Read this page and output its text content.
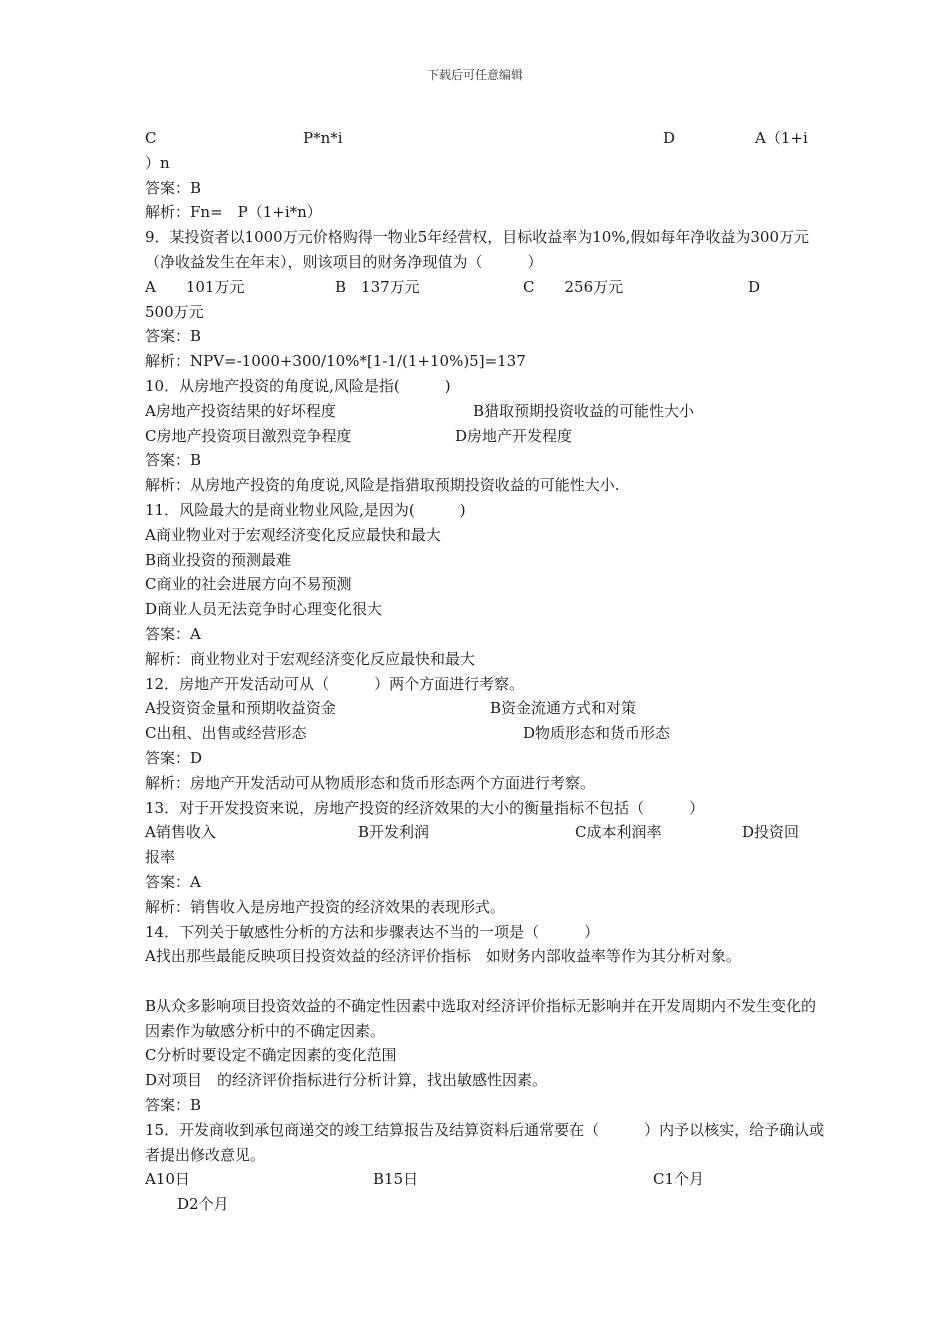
下载后可任意编辑
C	P*n*i	D	A（1+i
）n
答案：B
解析：Fn=　P（1+i*n）
9．某投资者以1000万元价格购得一物业5年经营权，目标收益率为10%,假如每年净收益为300万元（净收益发生在年末），则该项目的财务净现值为（　　　）
A　　101万元	B　137万元	C　　256万元	D
500万元
答案：B
解析：NPV=-1000+300/10%*[1-1/(1+10%)5]=137
10．从房地产投资的角度说,风险是指(　　　)
A房地产投资结果的好坏程度	B猎取预期投资收益的可能性大小
C房地产投资项目激烈竞争程度	D房地产开发程度
答案：B
解析：从房地产投资的角度说,风险是指猎取预期投资收益的可能性大小.
11．风险最大的是商业物业风险,是因为(　　　)
A商业物业对于宏观经济变化反应最快和最大
B商业投资的预测最难
C商业的社会进展方向不易预测
D商业人员无法竞争时心理变化很大
答案：A
解析：商业物业对于宏观经济变化反应最快和最大
12．房地产开发活动可从（　　　）两个方面进行考察。
A投资资金量和预期收益资金	B资金流通方式和对策
C出租、出售或经营形态	D物质形态和货币形态
答案：D
解析：房地产开发活动可从物质形态和货币形态两个方面进行考察。
13．对于开发投资来说，房地产投资的经济效果的大小的衡量指标不包括（　　　）
A销售收入	B开发利润	C成本利润率	D投资回
报率
答案：A
解析：销售收入是房地产投资的经济效果的表现形式。
14．下列关于敏感性分析的方法和步骤表达不当的一项是（　　　）
A找出那些最能反映项目投资效益的经济评价指标　如财务内部收益率等作为其分析对象。
B从众多影响项目投资效益的不确定性因素中选取对经济评价指标无影响并在开发周期内不发生变化的因素作为敏感分析中的不确定因素。
C分析时要设定不确定因素的变化范围
D对项目　的经济评价指标进行分析计算，找出敏感性因素。
答案：B
15．开发商收到承包商递交的竣工结算报告及结算资料后通常要在（　　　）内予以核实，给予确认或者提出修改意见。
A10日	B15日	C1个月
D2个月
